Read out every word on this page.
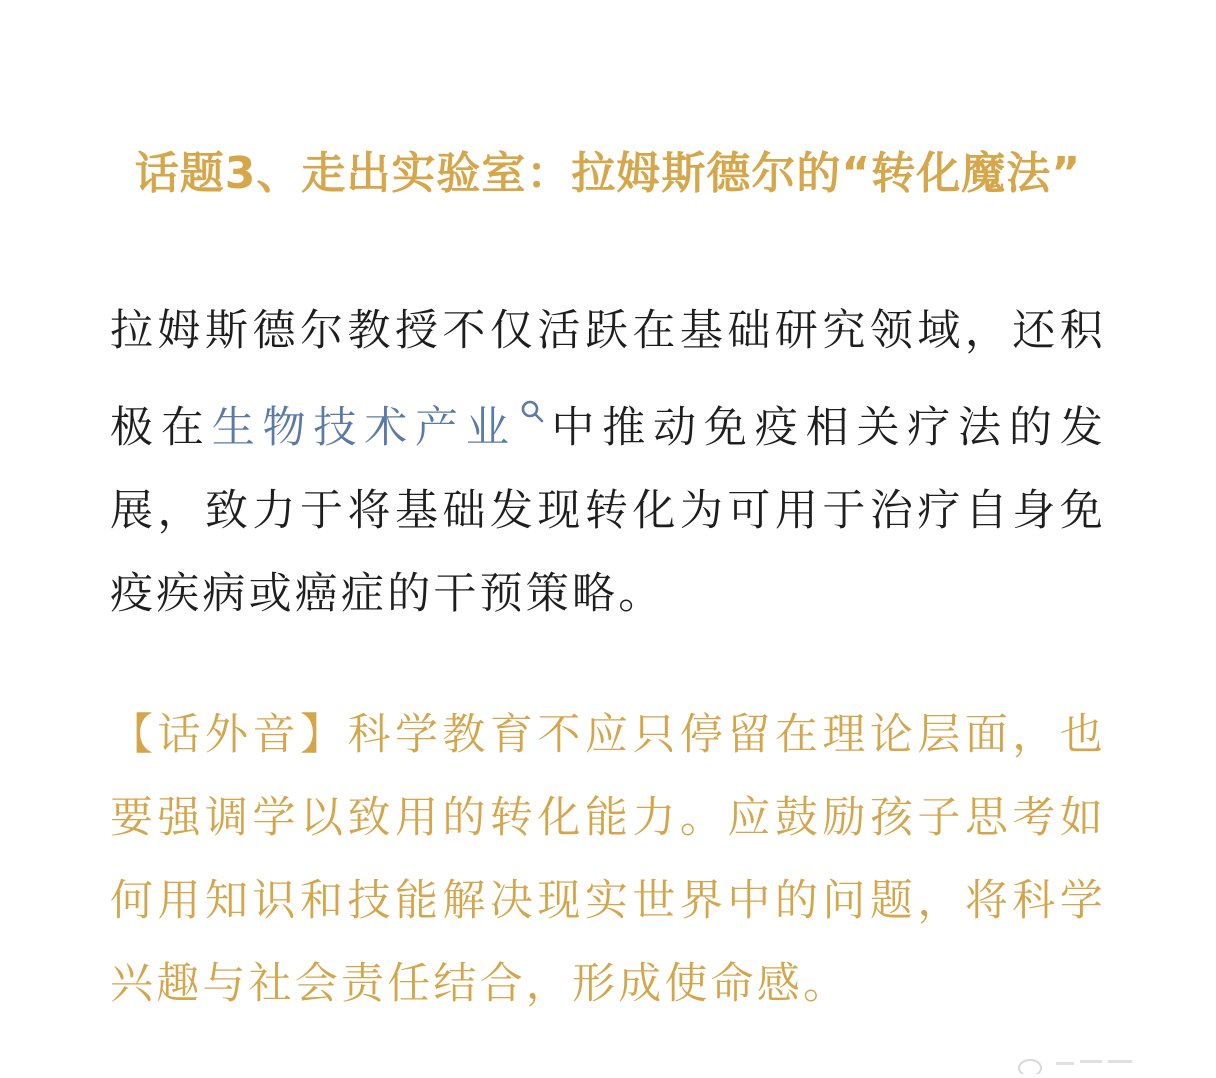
话题3、走出实验室：拉姆斯德尔的“转化魔法”
拉姆斯德尔教授不仅活跃在基础研究领域，还积极在生物技术产业 中推动免疫相关疗法的发展，致力于将基础发现转化为可用于治疗自身免疫疾病或癌症的干预策略。
【话外音】科学教育不应只停留在理论层面，也要强调学以致用的转化能力。应鼓励孩子思考如何用知识和技能解决现实世界中的问题，将科学兴趣与社会责任结合，形成使命感。
